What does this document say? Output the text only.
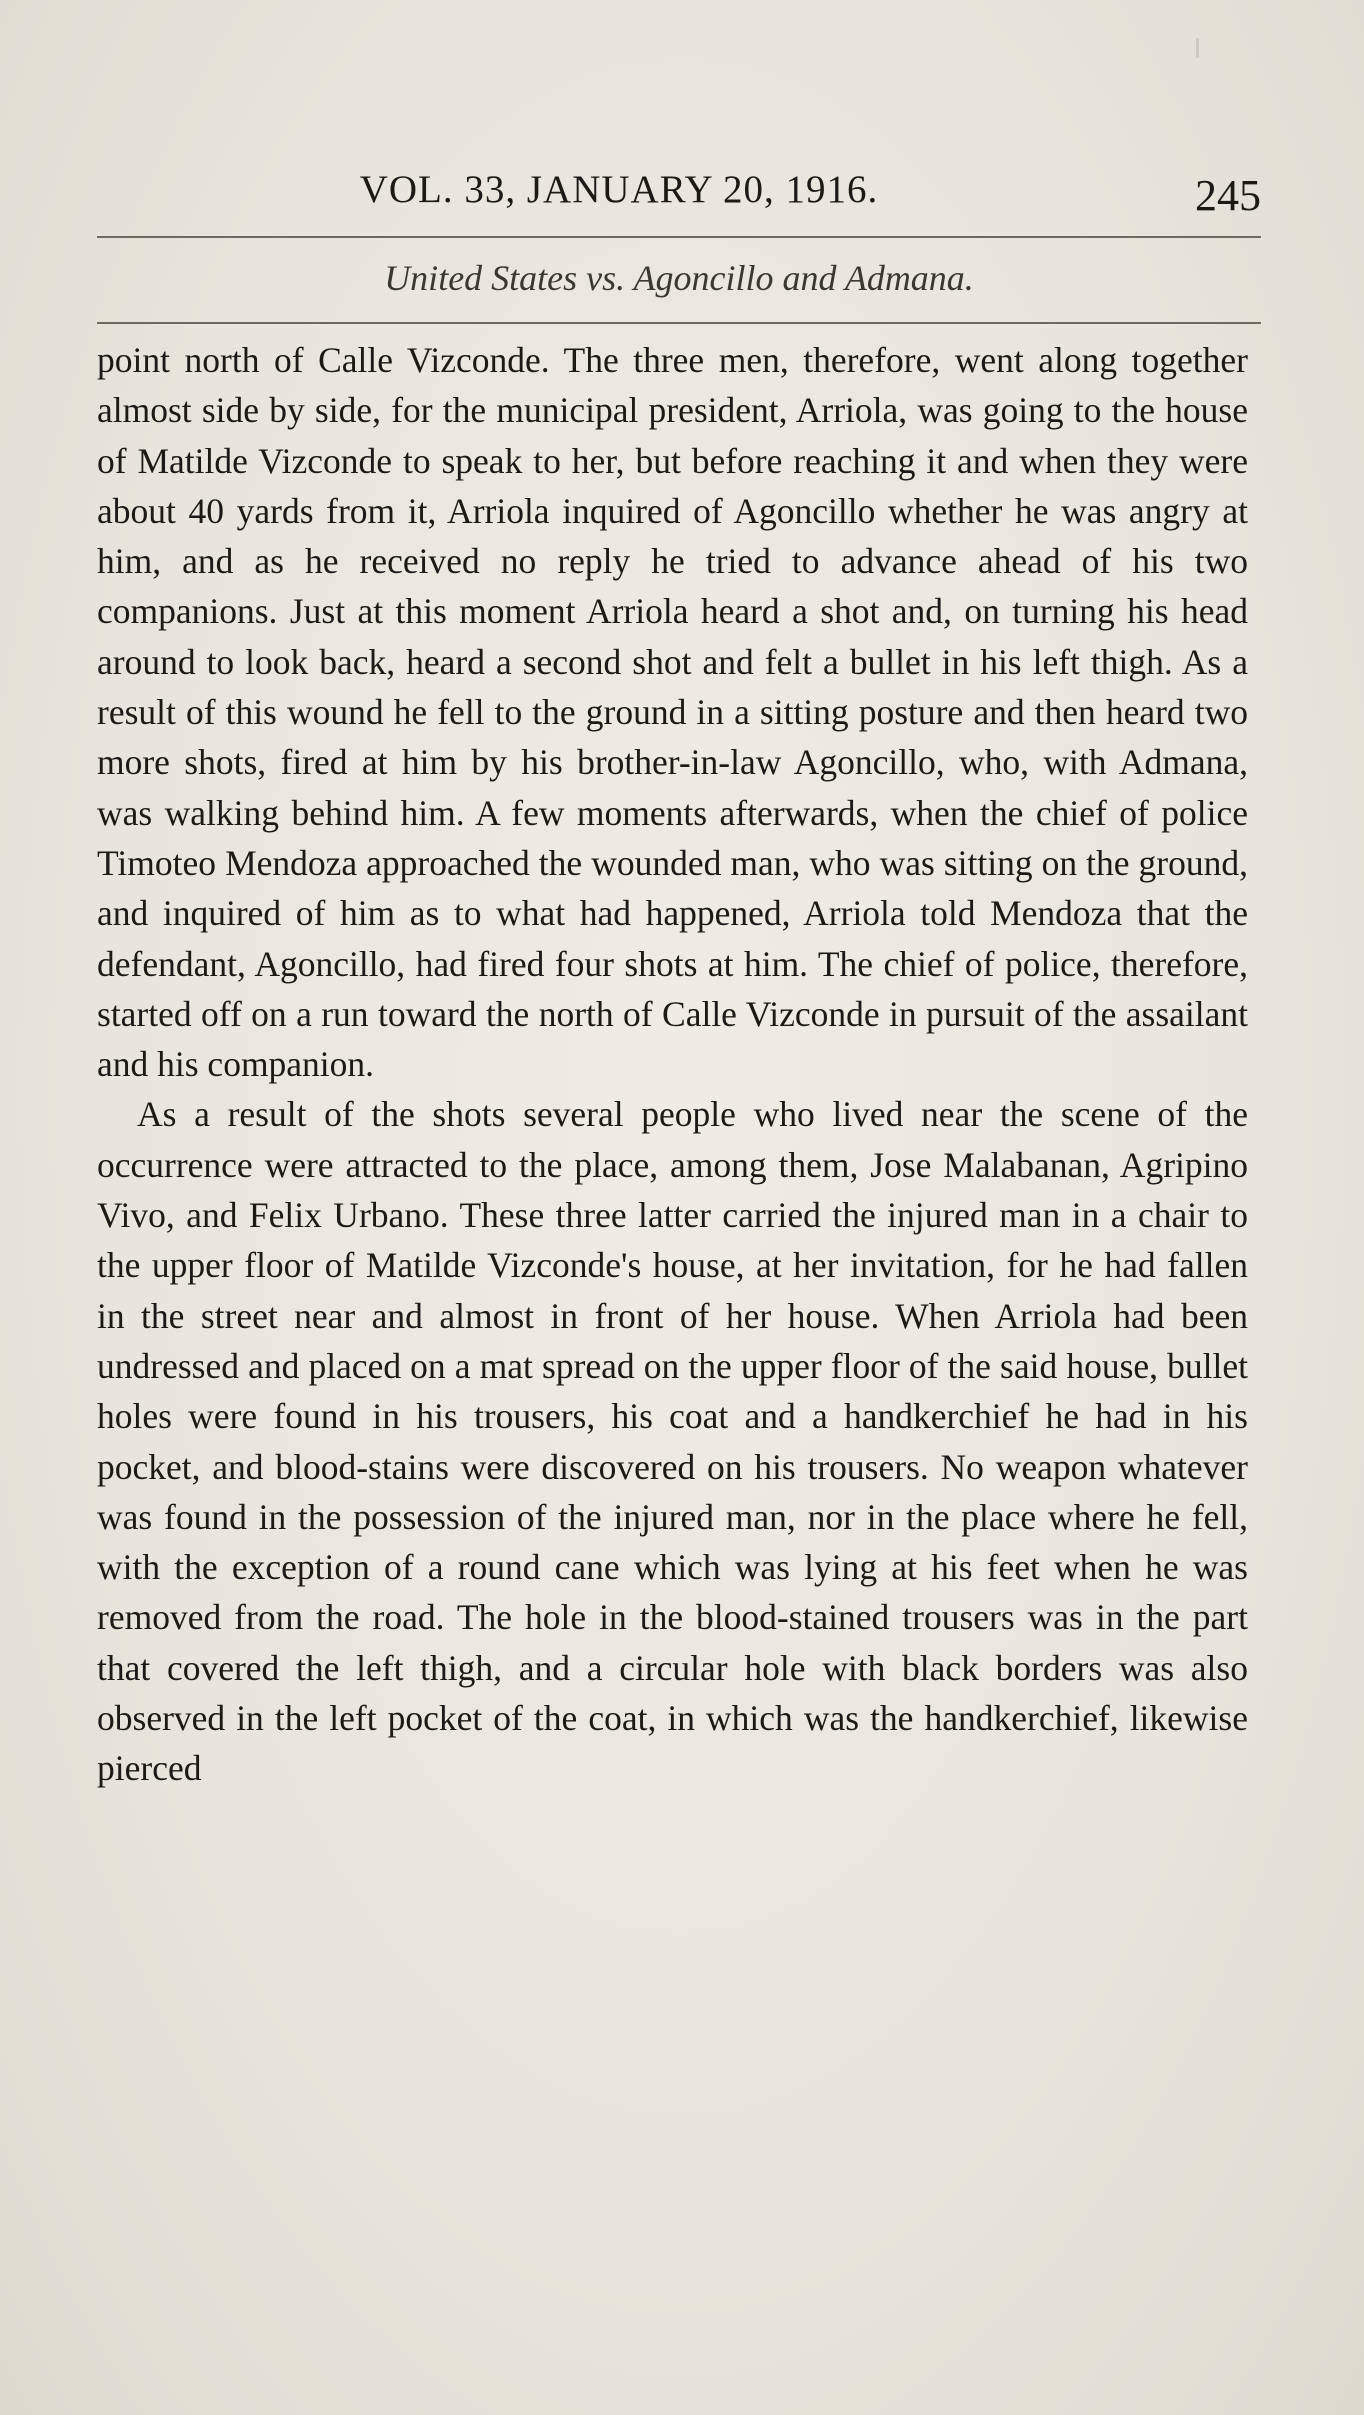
VOL. 33, JANUARY 20, 1916.	245
United States vs. Agoncillo and Admana.

point north of Calle Vizconde. The three men, therefore, went along together almost side by side, for the municipal president, Arriola, was going to the house of Matilde Vizconde to speak to her, but before reaching it and when they were about 40 yards from it, Arriola inquired of Agoncillo whether he was angry at him, and as he received no reply he tried to advance ahead of his two companions. Just at this moment Arriola heard a shot and, on turning his head around to look back, heard a second shot and felt a bullet in his left thigh. As a result of this wound he fell to the ground in a sitting posture and then heard two more shots, fired at him by his brother-in-law Agoncillo, who, with Admana, was walking behind him. A few moments afterwards, when the chief of police Timoteo Mendoza approached the wounded man, who was sitting on the ground, and inquired of him as to what had happened, Arriola told Mendoza that the defendant, Agoncillo, had fired four shots at him. The chief of police, therefore, started off on a run toward the north of Calle Vizconde in pursuit of the assailant and his companion.

As a result of the shots several people who lived near the scene of the occurrence were attracted to the place, among them, Jose Malabanan, Agripino Vivo, and Felix Urbano. These three latter carried the injured man in a chair to the upper floor of Matilde Vizconde's house, at her invitation, for he had fallen in the street near and almost in front of her house. When Arriola had been undressed and placed on a mat spread on the upper floor of the said house, bullet holes were found in his trousers, his coat and a handkerchief he had in his pocket, and blood-stains were discovered on his trousers. No weapon whatever was found in the possession of the injured man, nor in the place where he fell, with the exception of a round cane which was lying at his feet when he was removed from the road. The hole in the blood-stained trousers was in the part that covered the left thigh, and a circular hole with black borders was also observed in the left pocket of the coat, in which was the handkerchief, likewise pierced
